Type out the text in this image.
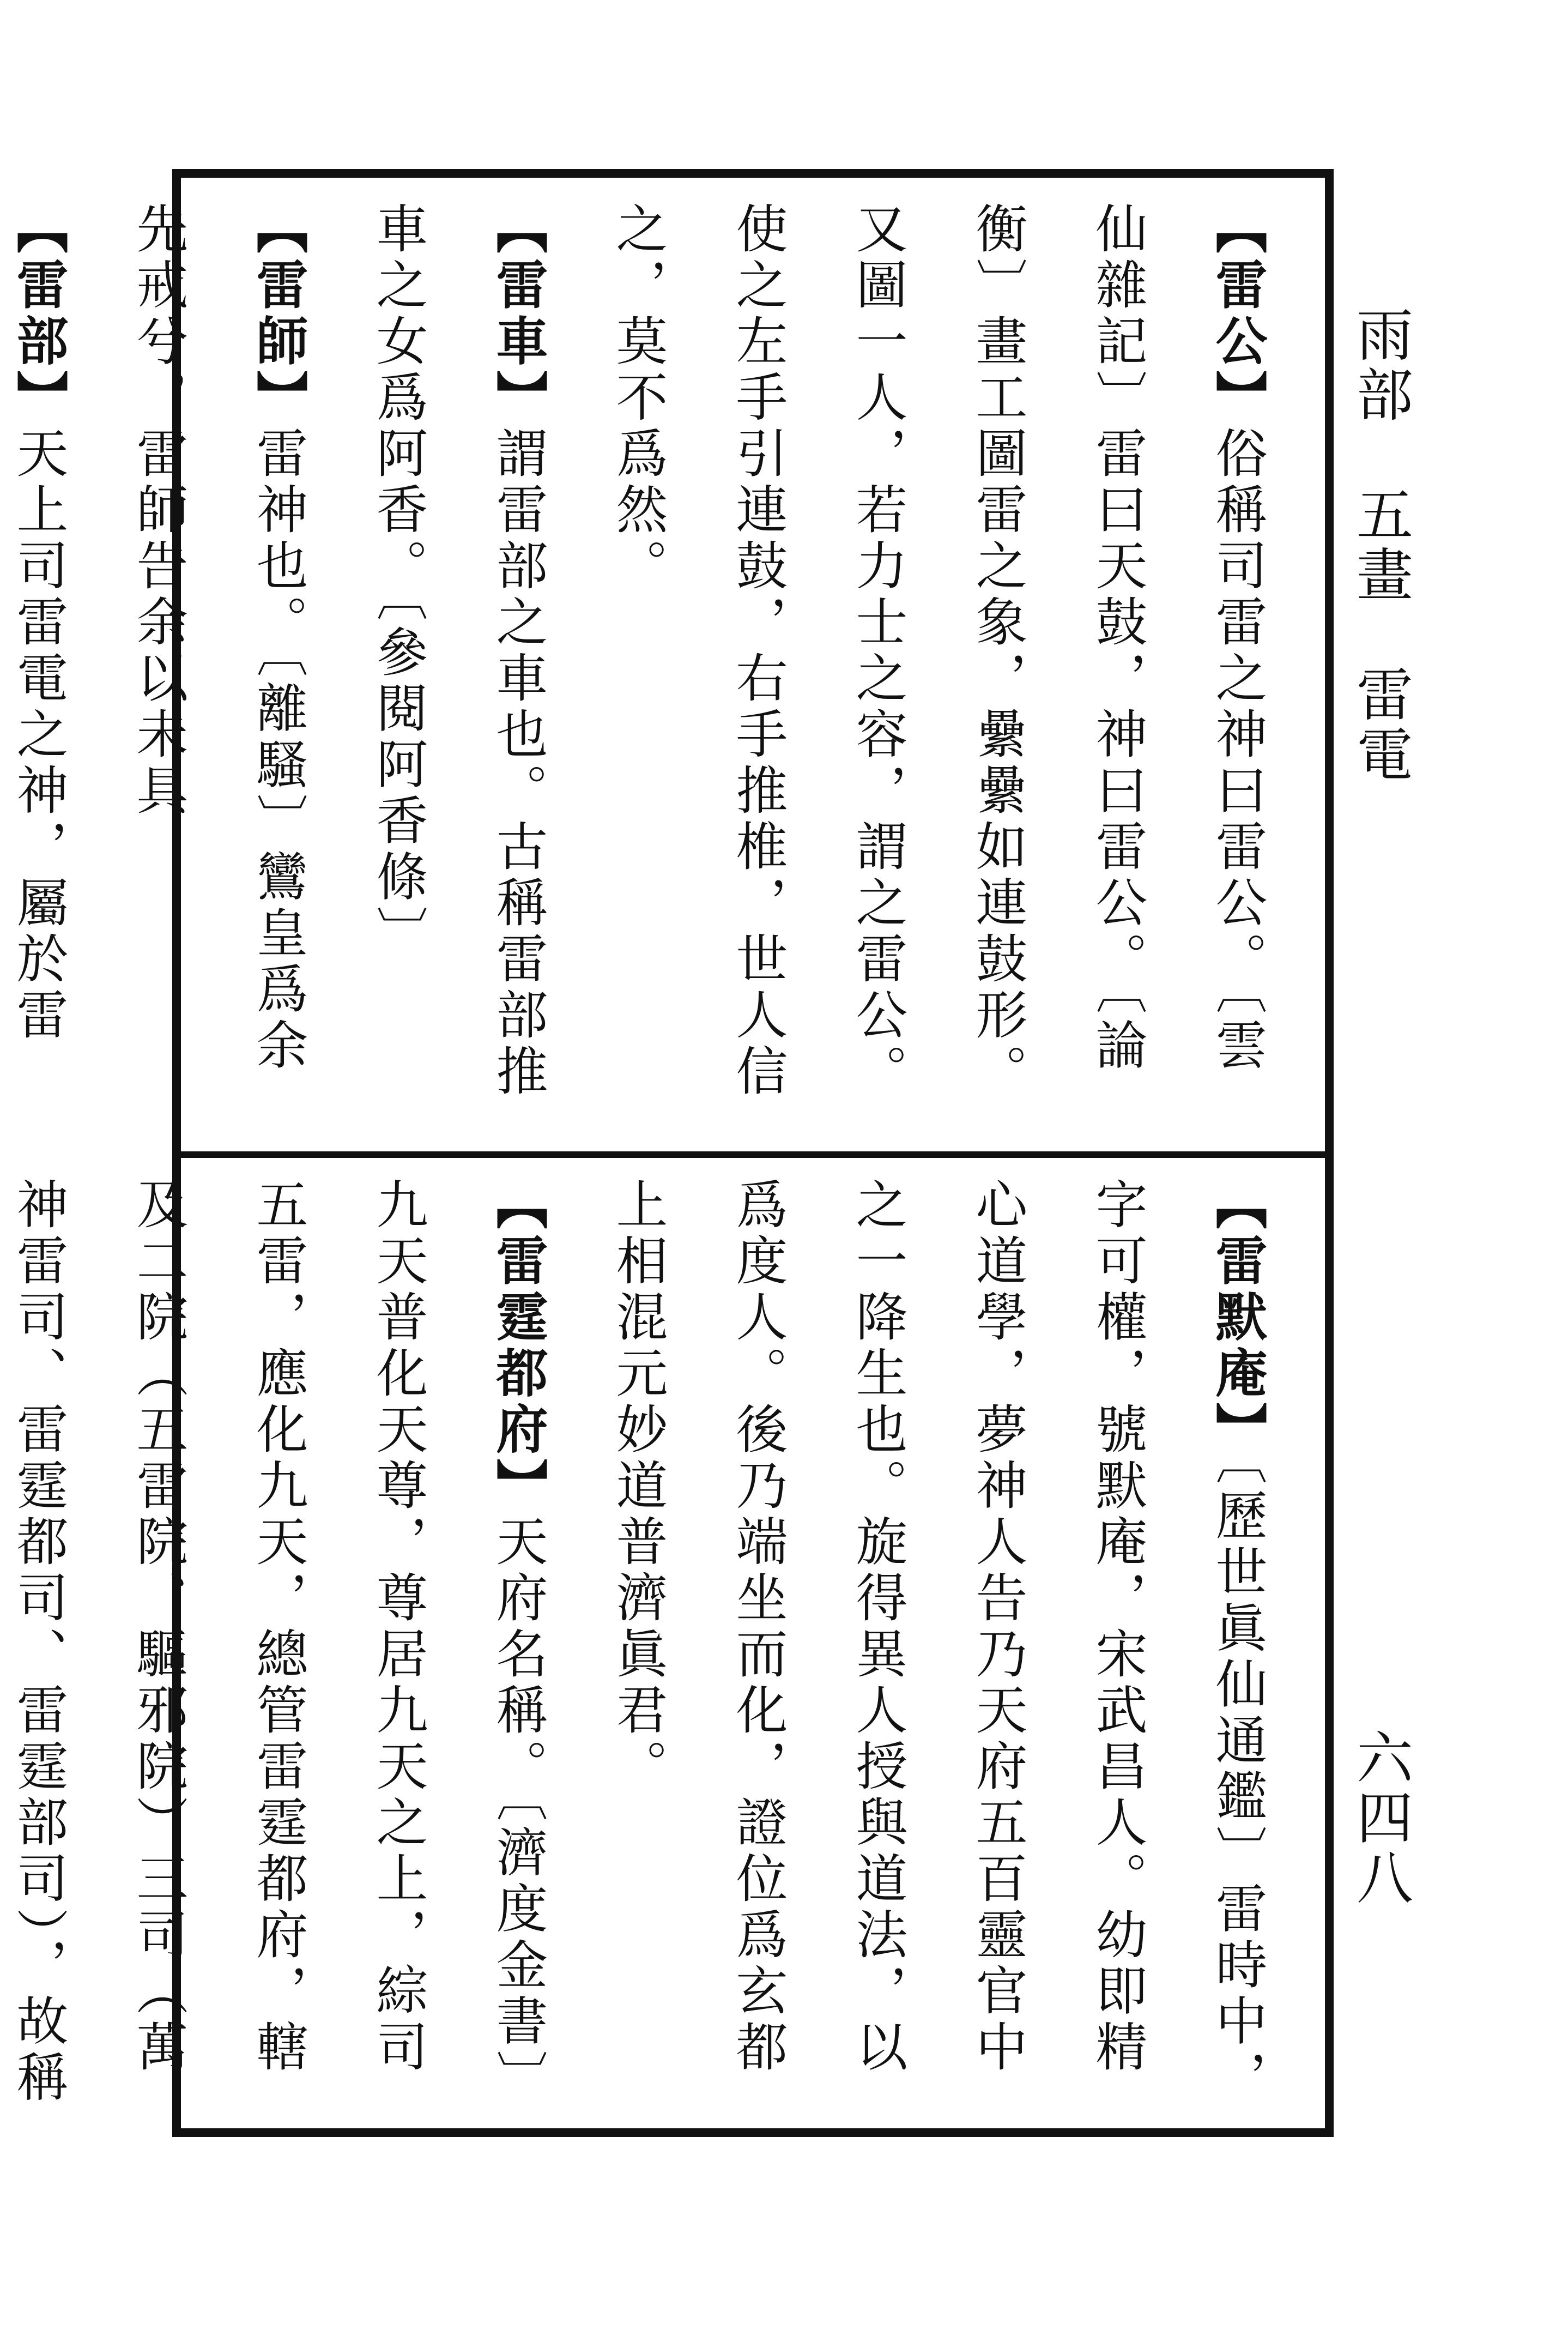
雨部　五畫　雷電
六四八

【雷公】俗稱司雷之神曰雷公。〔雲仙雜記〕雷曰天鼓，神曰雷公。〔論衡〕畫工圖雷之象，纍纍如連鼓形。又圖一人，若力士之容，謂之雷公。使之左手引連鼓，右手推椎，世人信之，莫不爲然。

【雷車】謂雷部之車也。古稱雷部推車之女爲阿香。〔參閱阿香條〕

【雷師】雷神也。〔離騷〕鸞皇爲余先戒兮，雷師告余以未具！

【雷部】天上司雷電之神，屬於雷

【雷默庵】〔歷世眞仙通鑑〕雷時中，字可權，號默庵，宋武昌人。幼即精心道學，夢神人告乃天府五百靈官中之一降生也。旋得異人授與道法，以爲度人。後乃端坐而化，證位爲玄都上相混元妙道普濟眞君。

【雷霆都府】天府名稱。〔濟度金書〕九天普化天尊，尊居九天之上，綜司五雷，應化九天，總管雷霆都府，轄及二院（五雷院、驅邪院）三司（萬神雷司、雷霆都司、雷霆部司），故稱
